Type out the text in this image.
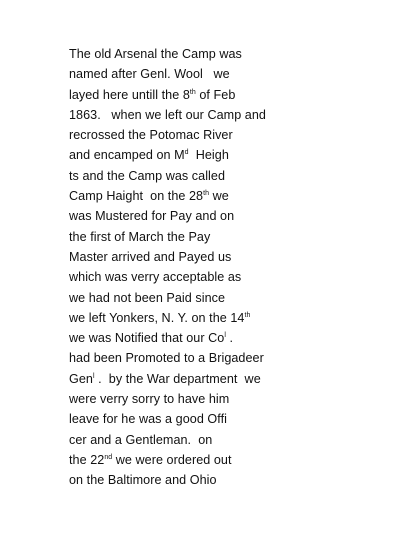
The old Arsenal the Camp was
named after Genl. Wool   we
layed here untill the 8th of Feb
1863.   when we left our Camp and
recrossed the Potomac River
and encamped on $M^d$  Heigh
ts and the Camp was called
Camp Haight  on the 28th we
was Mustered for Pay and on
the first of March the Pay
Master arrived and Payed us
which was verry acceptable as
we had not been Paid since
we left Yonkers, N. Y. on the 14th
we was Notified that our Co$^l$ .
had been Promoted to a Brigadeer
Gen$^l$ .  by the War department  we
were verry sorry to have him
leave for he was a good Offi
cer and a Gentleman.  on
the 22nd we were ordered out
on the Baltimore and Ohio
